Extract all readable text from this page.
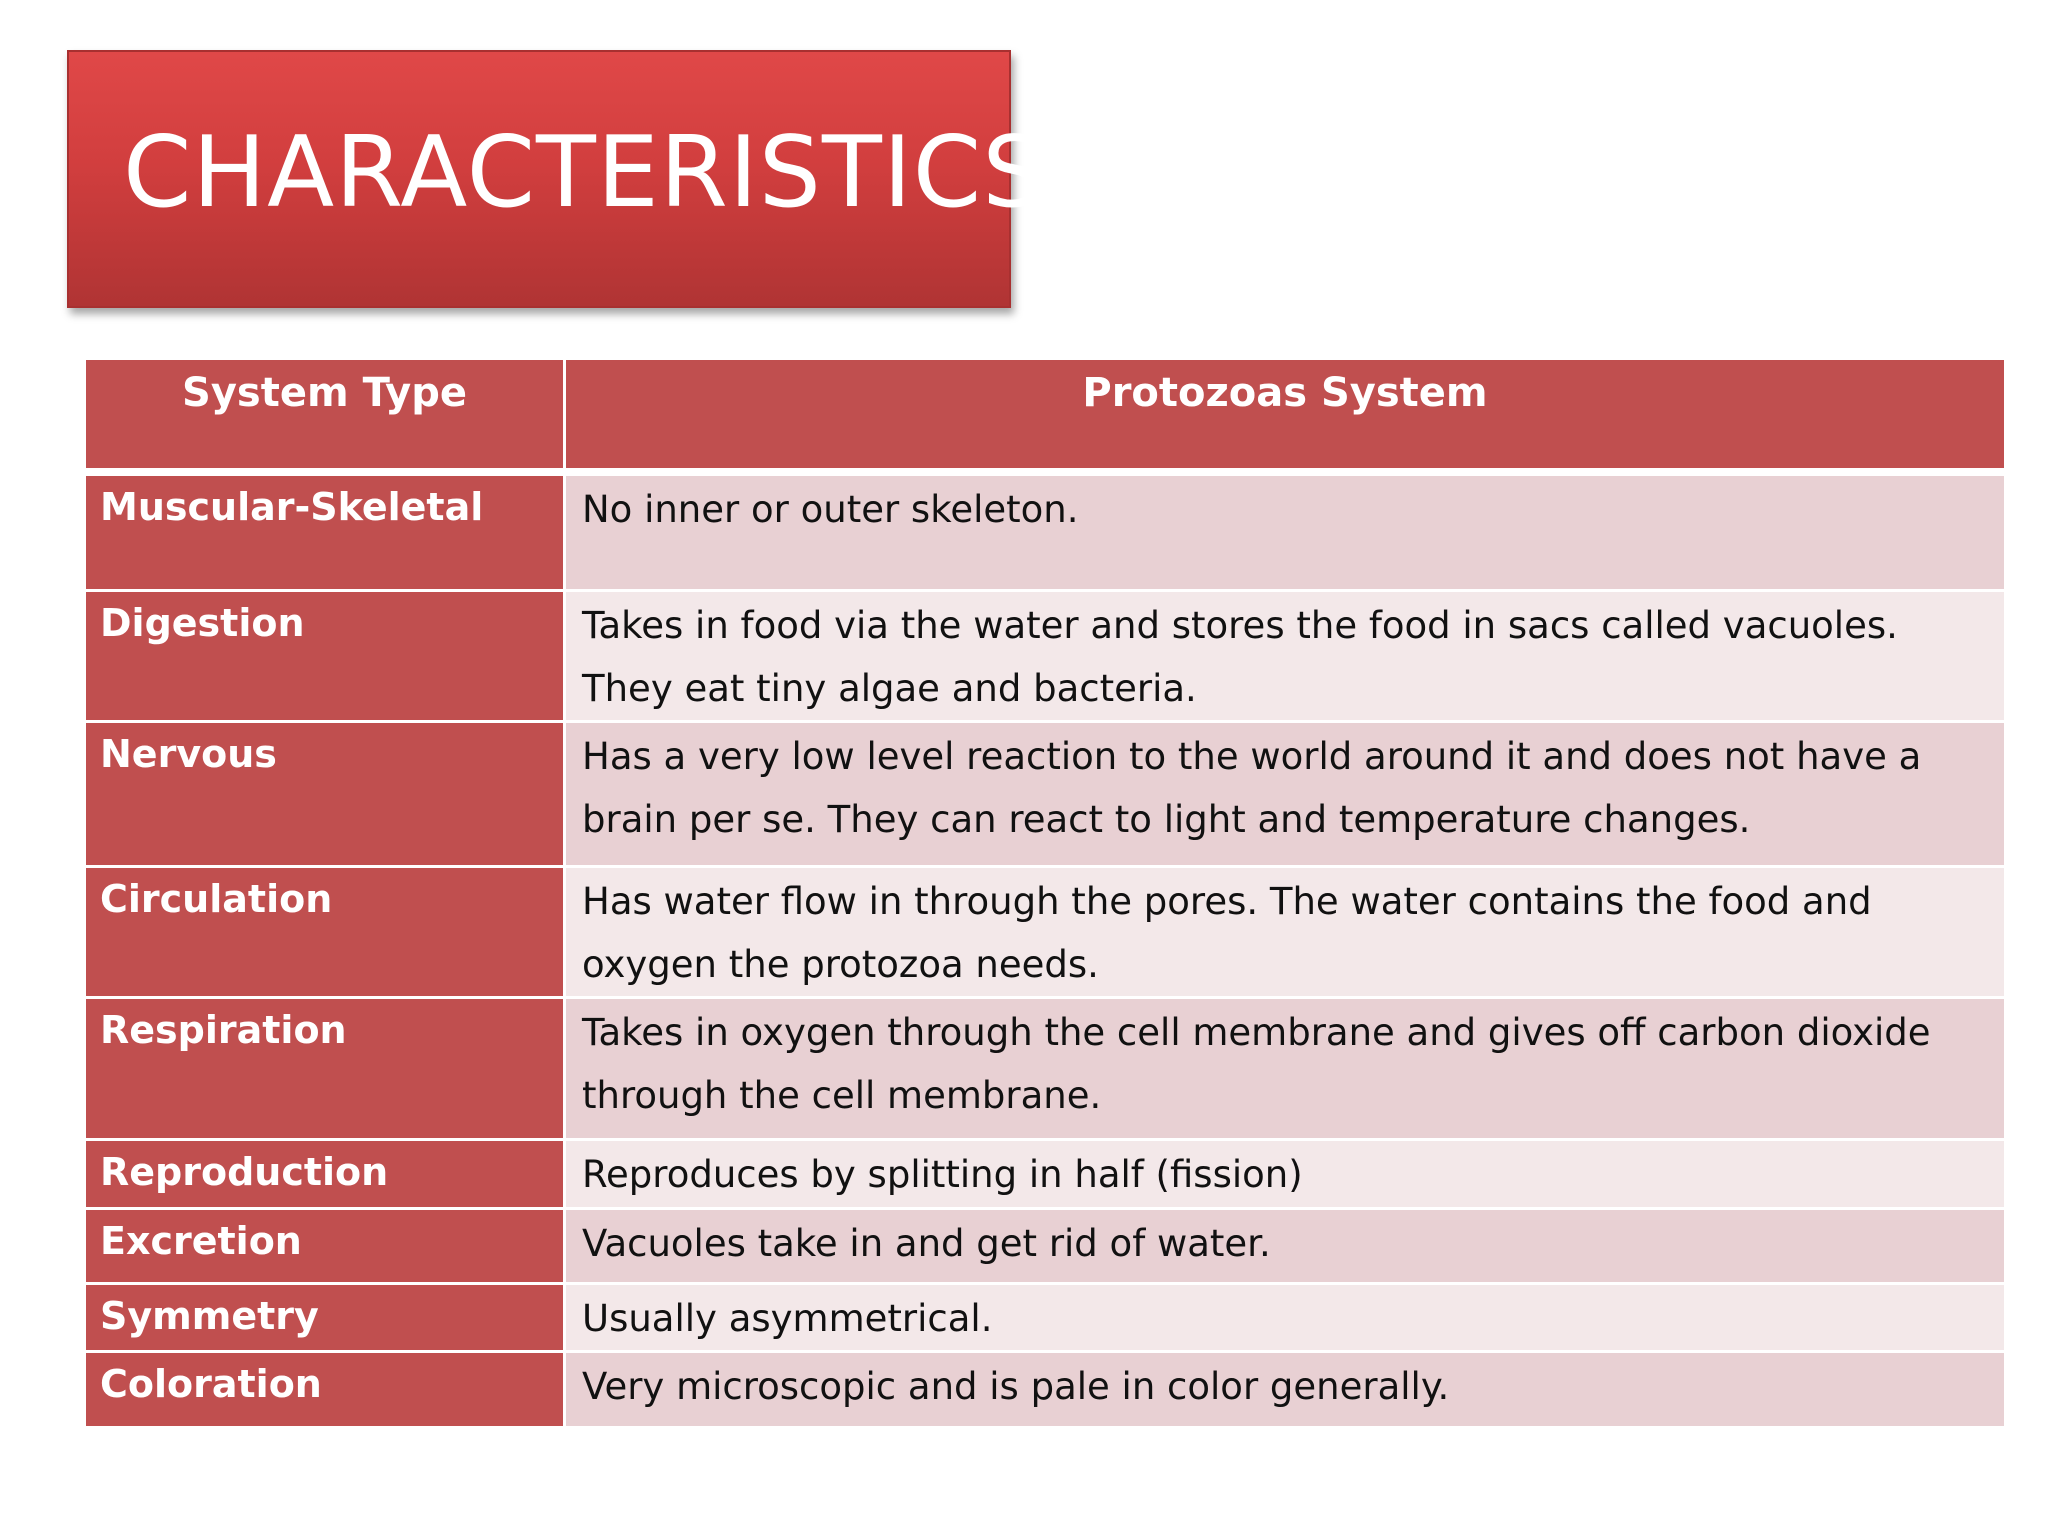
CHARACTERISTICS
System Type	Protozoas System

Muscular-Skeletal	No inner or outer skeleton.

Digestion	Takes in food via the water and stores the food in sacs called vacuoles. They eat tiny algae and bacteria.

Nervous	Has a very low level reaction to the world around it and does not have a brain per se. They can react to light and temperature changes.

Circulation	Has water flow in through the pores. The water contains the food and oxygen the protozoa needs.

Respiration	Takes in oxygen through the cell membrane and gives off carbon dioxide through the cell membrane.

Reproduction	Reproduces by splitting in half (fission)

Excretion	Vacuoles take in and get rid of water.

Symmetry	Usually asymmetrical.

Coloration	Very microscopic and is pale in color generally.
